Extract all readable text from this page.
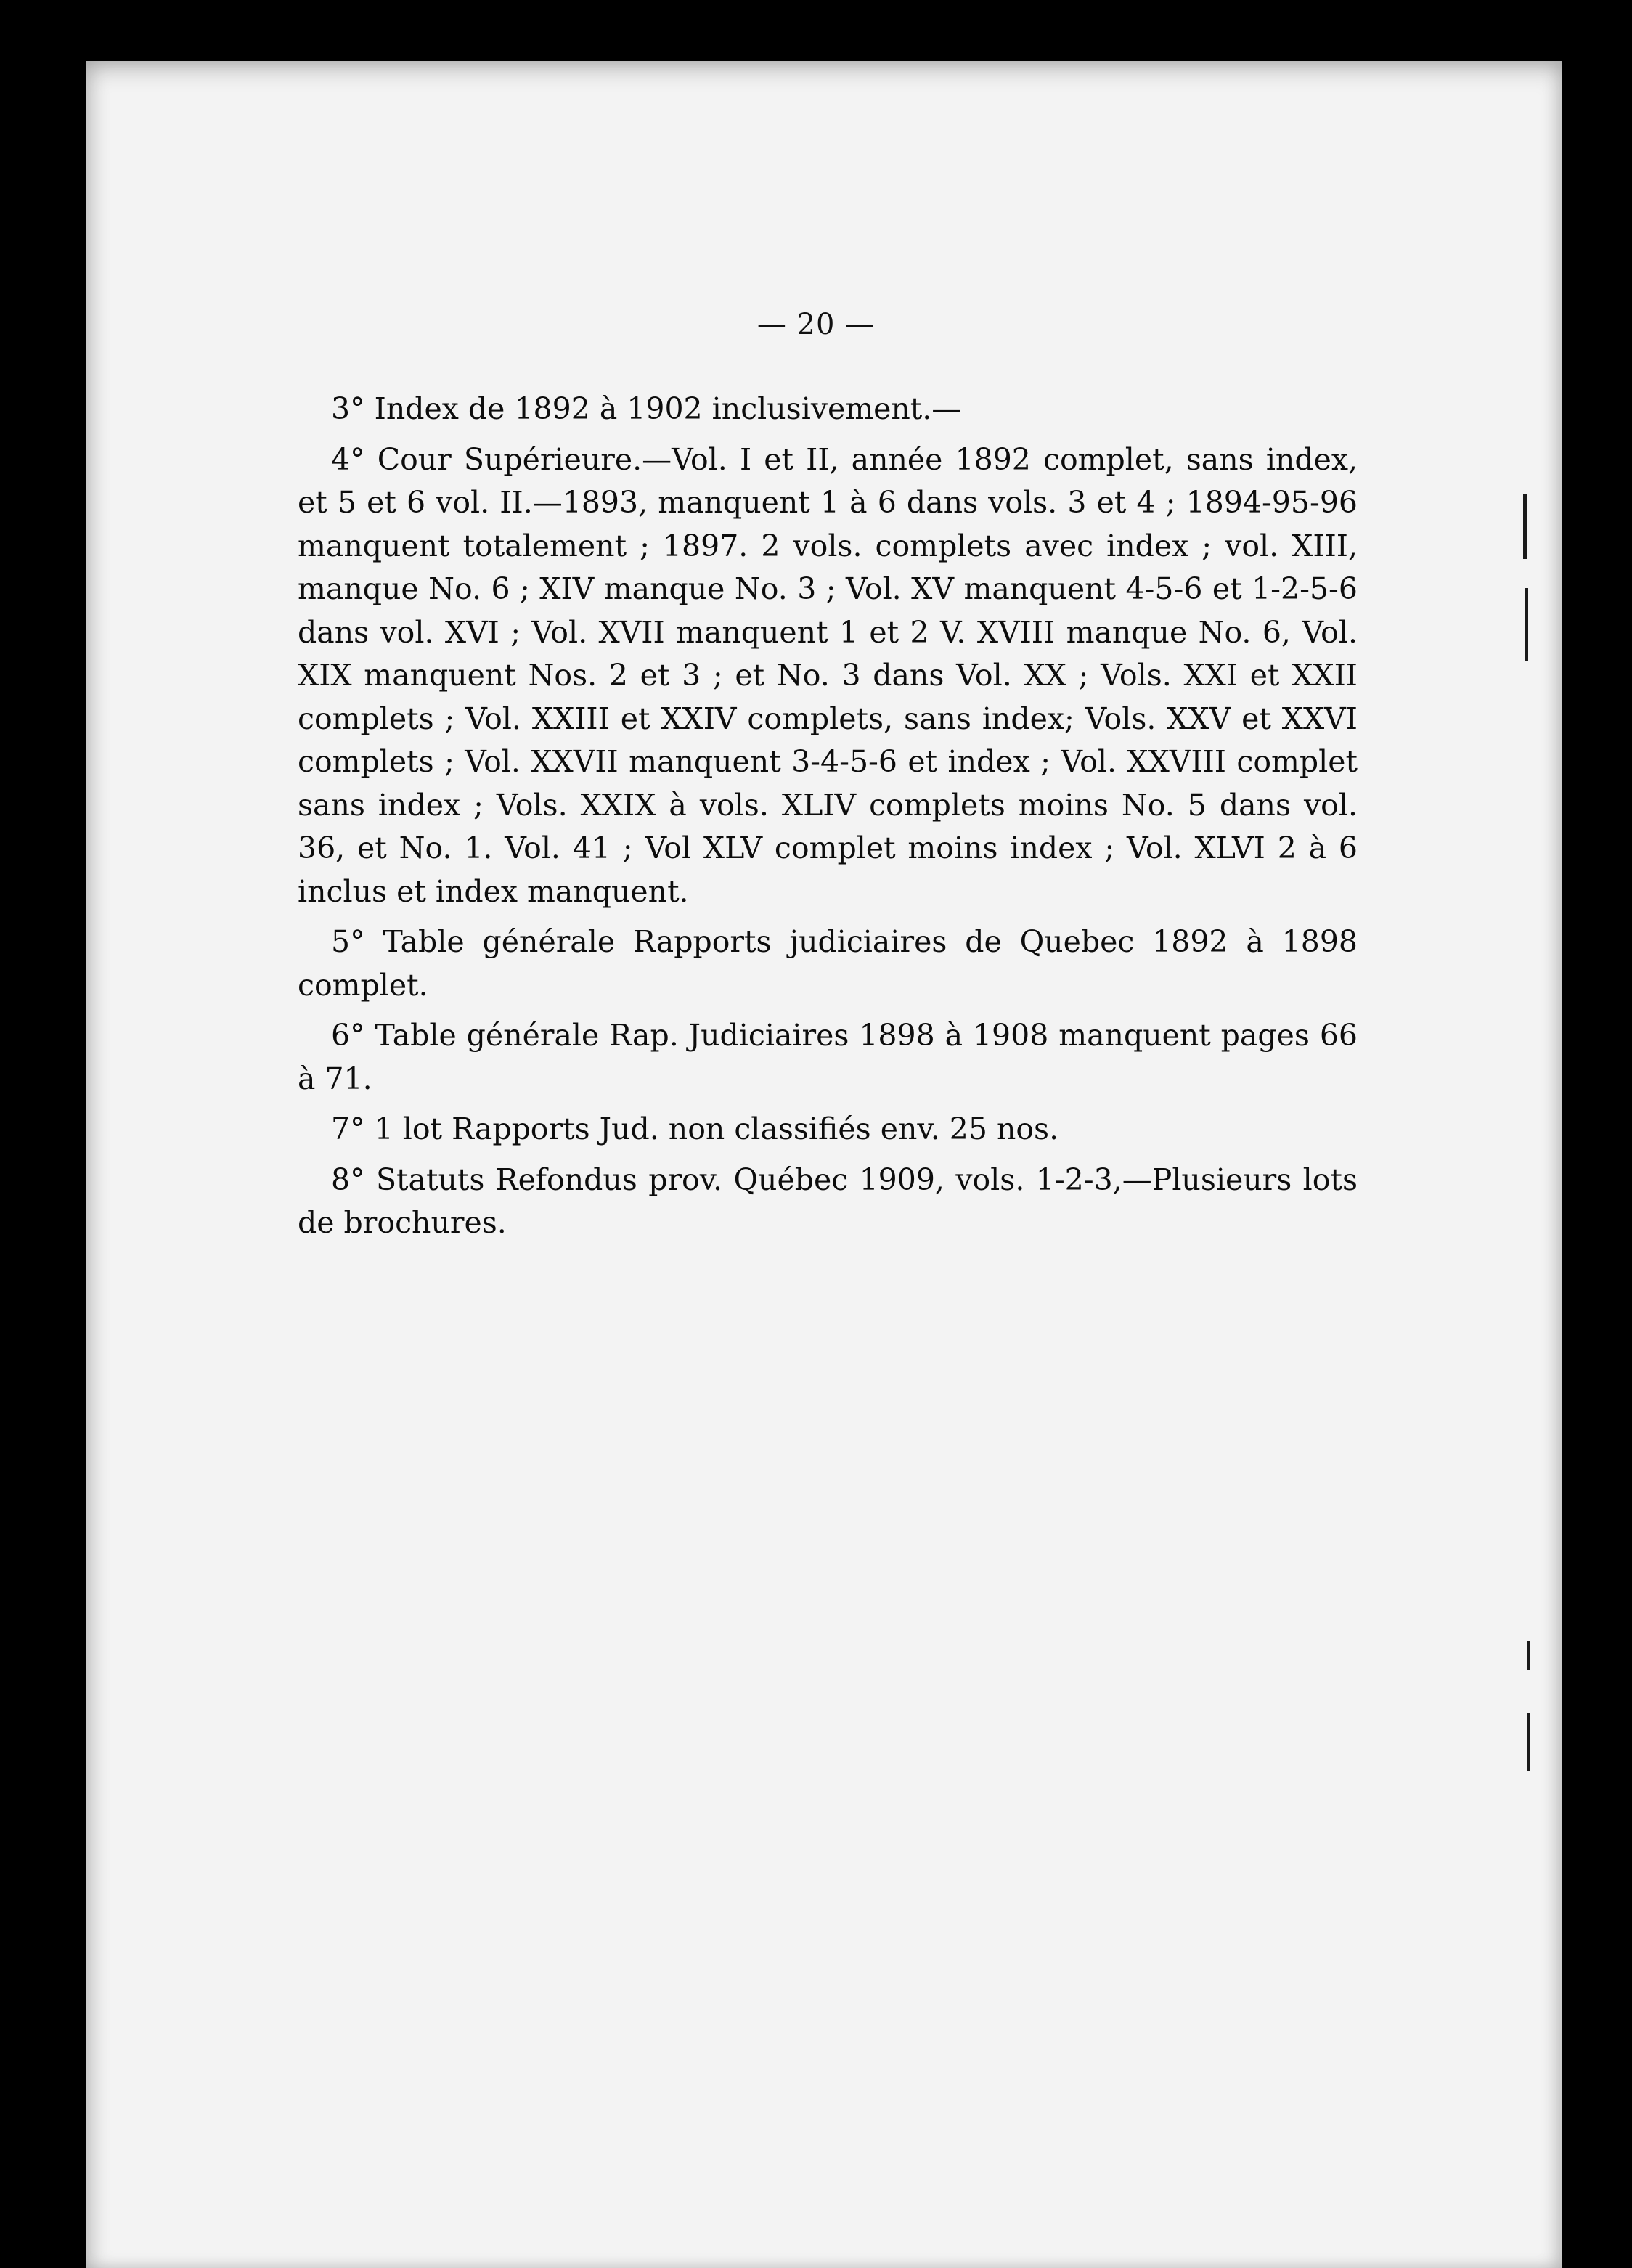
— 20 —

3° Index de 1892 à 1902 inclusivement.—

4° Cour Supérieure.—Vol. I et II, année 1892 complet, sans index, et 5 et 6 vol. II.—1893, manquent 1 à 6 dans vols. 3 et 4 ; 1894-95-96 manquent totalement ; 1897. 2 vols. complets avec index ; vol. XIII, manque No. 6 ; XIV manque No. 3 ; Vol. XV manquent 4-5-6 et 1-2-5-6 dans vol. XVI ; Vol. XVII manquent 1 et 2 V. XVIII manque No. 6, Vol. XIX manquent Nos. 2 et 3 ; et No. 3 dans Vol. XX ; Vols. XXI et XXII complets ; Vol. XXIII et XXIV complets, sans index; Vols. XXV et XXVI complets ; Vol. XXVII manquent 3-4-5-6 et index ; Vol. XXVIII complet sans index ; Vols. XXIX à vols. XLIV complets moins No. 5 dans vol. 36, et No. 1. Vol. 41 ; Vol XLV complet moins index ; Vol. XLVI 2 à 6 inclus et index manquent.

5° Table générale Rapports judiciaires de Quebec 1892 à 1898 complet.

6° Table générale Rap. Judiciaires 1898 à 1908 manquent pages 66 à 71.

7° 1 lot Rapports Jud. non classifiés env. 25 nos.

8° Statuts Refondus prov. Québec 1909, vols. 1-2-3,—Plusieurs lots de brochures.
